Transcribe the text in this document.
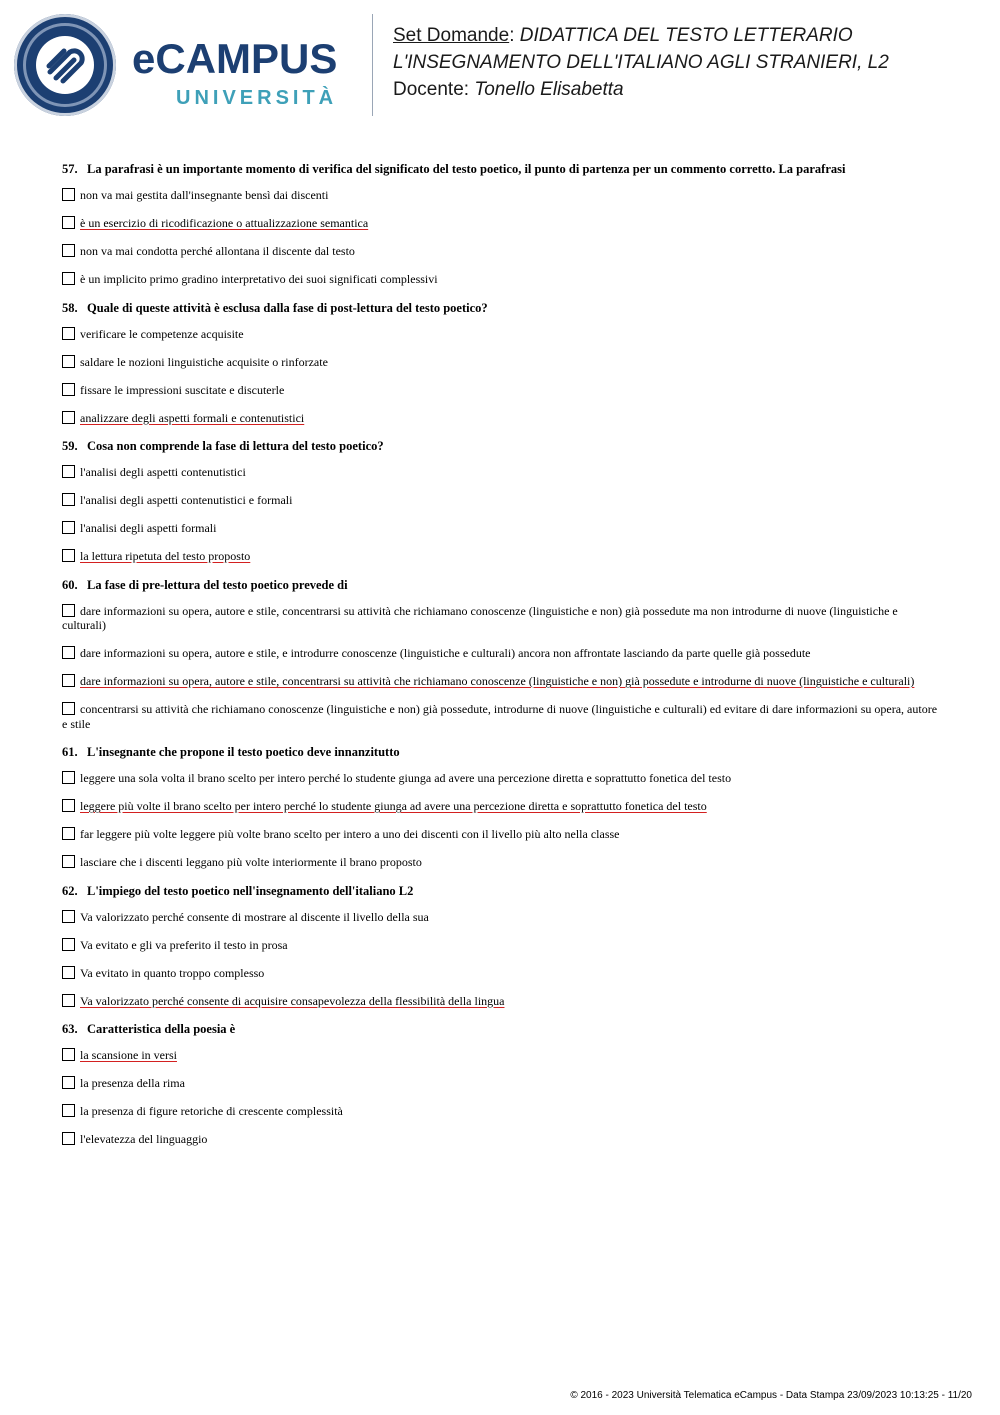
eCAMPUS
UNIVERSITÀ
Set Domande: DIDATTICA DEL TESTO LETTERARIO
L'INSEGNAMENTO DELL'ITALIANO AGLI STRANIERI, L2
Docente: Tonello Elisabetta
57. La parafrasi è un importante momento di verifica del significato del testo poetico, il punto di partenza per un commento corretto. La parafrasi
non va mai gestita dall'insegnante bensì dai discenti
è un esercizio di ricodificazione o attualizzazione semantica
non va mai condotta perché allontana il discente dal testo
è un implicito primo gradino interpretativo dei suoi significati complessivi
58. Quale di queste attività è esclusa dalla fase di post-lettura del testo poetico?
verificare le competenze acquisite
saldare le nozioni linguistiche acquisite o rinforzate
fissare le impressioni suscitate e discuterle
analizzare degli aspetti formali e contenutistici
59. Cosa non comprende la fase di lettura del testo poetico?
l'analisi degli aspetti contenutistici
l'analisi degli aspetti contenutistici e formali
l'analisi degli aspetti formali
la lettura ripetuta del testo proposto
60. La fase di pre-lettura del testo poetico prevede di
dare informazioni su opera, autore e stile, concentrarsi su attività che richiamano conoscenze (linguistiche e non) già possedute ma non introdurne di nuove (linguistiche e culturali)
dare informazioni su opera, autore e stile, e introdurre conoscenze (linguistiche e culturali) ancora non affrontate lasciando da parte quelle già possedute
dare informazioni su opera, autore e stile, concentrarsi su attività che richiamano conoscenze (linguistiche e non) già possedute e introdurne di nuove (linguistiche e culturali)
concentrarsi su attività che richiamano conoscenze (linguistiche e non) già possedute, introdurne di nuove (linguistiche e culturali) ed evitare di dare informazioni su opera, autore e stile
61. L'insegnante che propone il testo poetico deve innanzitutto
leggere una sola volta il brano scelto per intero perché lo studente giunga ad avere una percezione diretta e soprattutto fonetica del testo
leggere più volte il brano scelto per intero perché lo studente giunga ad avere una percezione diretta e soprattutto fonetica del testo
far leggere più volte leggere più volte brano scelto per intero a uno dei discenti con il livello più alto nella classe
lasciare che i discenti leggano più volte interiormente il brano proposto
62. L'impiego del testo poetico nell'insegnamento dell'italiano L2
Va valorizzato perché consente di mostrare al discente il livello della sua
Va evitato e gli va preferito il testo in prosa
Va evitato in quanto troppo complesso
Va valorizzato perché consente di acquisire consapevolezza della flessibilità della lingua
63. Caratteristica della poesia è
la scansione in versi
la presenza della rima
la presenza di figure retoriche di crescente complessità
l'elevatezza del linguaggio
© 2016 - 2023 Università Telematica eCampus - Data Stampa 23/09/2023 10:13:25 - 11/20
